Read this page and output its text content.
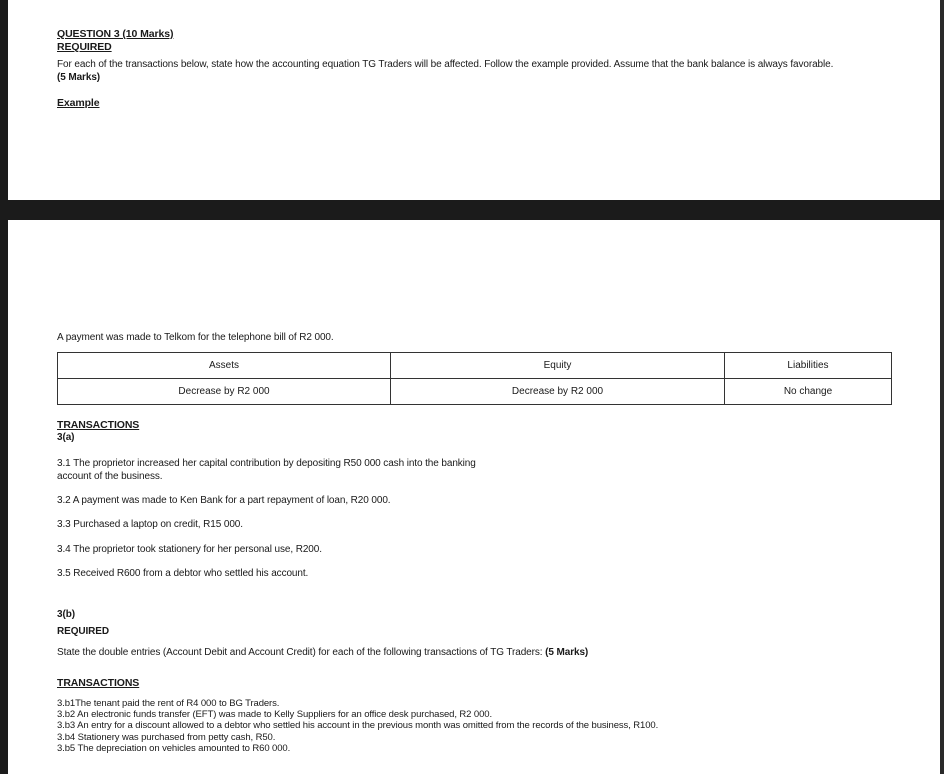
QUESTION 3 (10 Marks)
REQUIRED
For each of the transactions below, state how the accounting equation TG Traders will be affected. Follow the example provided. Assume that the bank balance is always favorable.
(5 Marks)
Example
A payment was made to Telkom for the telephone bill of R2 000.
Assets	Equity	Liabilities
Decrease by R2 000	Decrease by R2 000	No change
TRANSACTIONS
3(a)
3.1 The proprietor increased her capital contribution by depositing R50 000 cash into the banking
account of the business.
3.2 A payment was made to Ken Bank for a part repayment of loan, R20 000.
3.3 Purchased a laptop on credit, R15 000.
3.4 The proprietor took stationery for her personal use, R200.
3.5 Received R600 from a debtor who settled his account.
3(b)
REQUIRED
State the double entries (Account Debit and Account Credit) for each of the following transactions of TG Traders: (5 Marks)
TRANSACTIONS
3.b1The tenant paid the rent of R4 000 to BG Traders.
3.b2 An electronic funds transfer (EFT) was made to Kelly Suppliers for an office desk purchased, R2 000.
3.b3 An entry for a discount allowed to a debtor who settled his account in the previous month was omitted from the records of the business, R100.
3.b4 Stationery was purchased from petty cash, R50.
3.b5 The depreciation on vehicles amounted to R60 000.
